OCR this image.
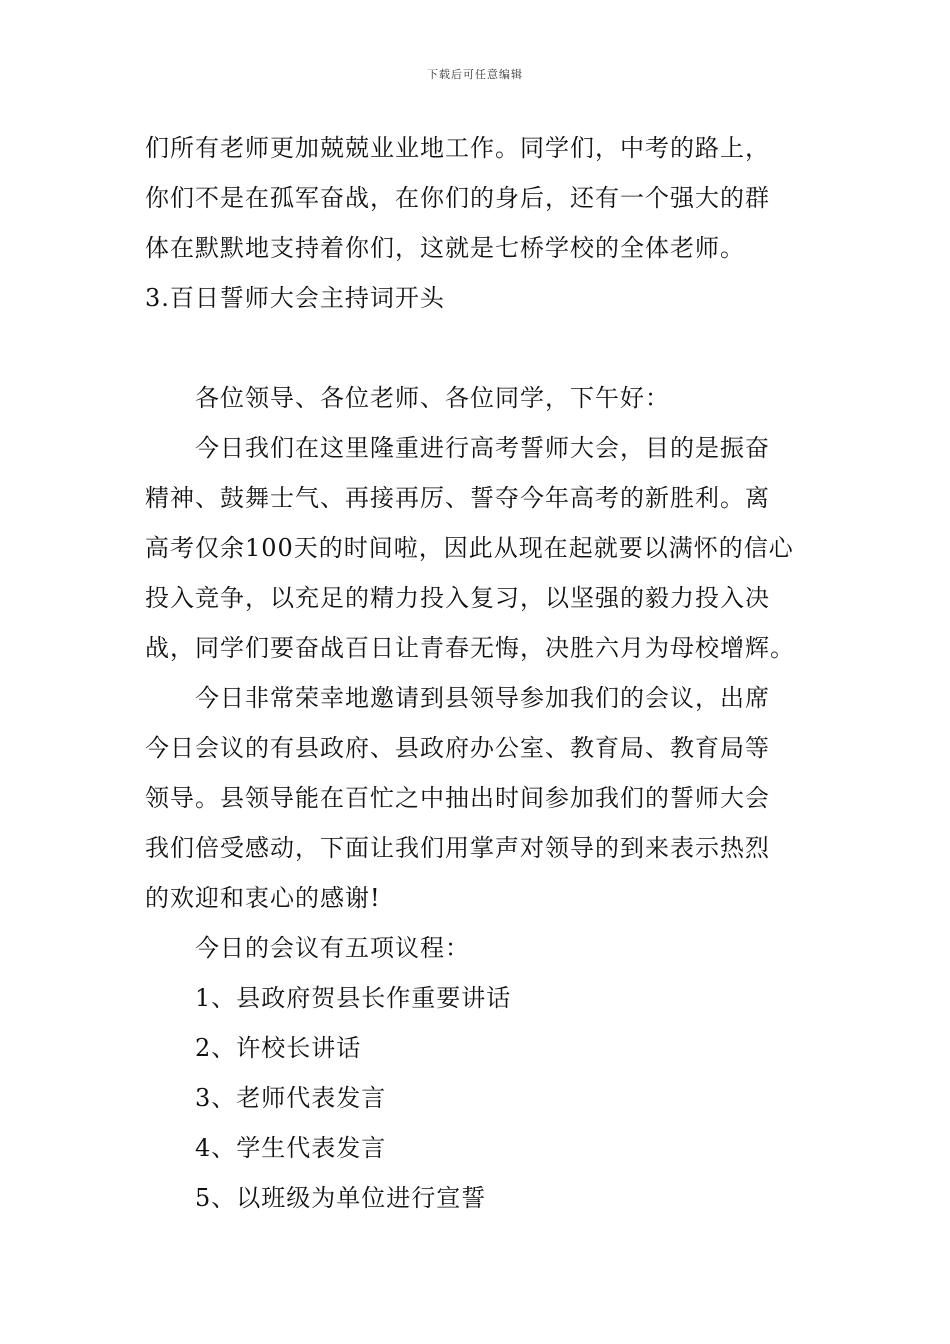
下载后可任意编辑
们所有老师更加兢兢业业地工作。同学们，中考的路上，
你们不是在孤军奋战，在你们的身后，还有一个强大的群
体在默默地支持着你们，这就是七桥学校的全体老师。
3.百日誓师大会主持词开头
各位领导、各位老师、各位同学，下午好：
今日我们在这里隆重进行高考誓师大会，目的是振奋
精神、鼓舞士气、再接再厉、誓夺今年高考的新胜利。离
高考仅余100天的时间啦，因此从现在起就要以满怀的信心
投入竞争，以充足的精力投入复习，以坚强的毅力投入决
战，同学们要奋战百日让青春无悔，决胜六月为母校增辉。
今日非常荣幸地邀请到县领导参加我们的会议，出席
今日会议的有县政府、县政府办公室、教育局、教育局等
领导。县领导能在百忙之中抽出时间参加我们的誓师大会
我们倍受感动，下面让我们用掌声对领导的到来表示热烈
的欢迎和衷心的感谢!
今日的会议有五项议程：
1、县政府贺县长作重要讲话
2、许校长讲话
3、老师代表发言
4、学生代表发言
5、以班级为单位进行宣誓
